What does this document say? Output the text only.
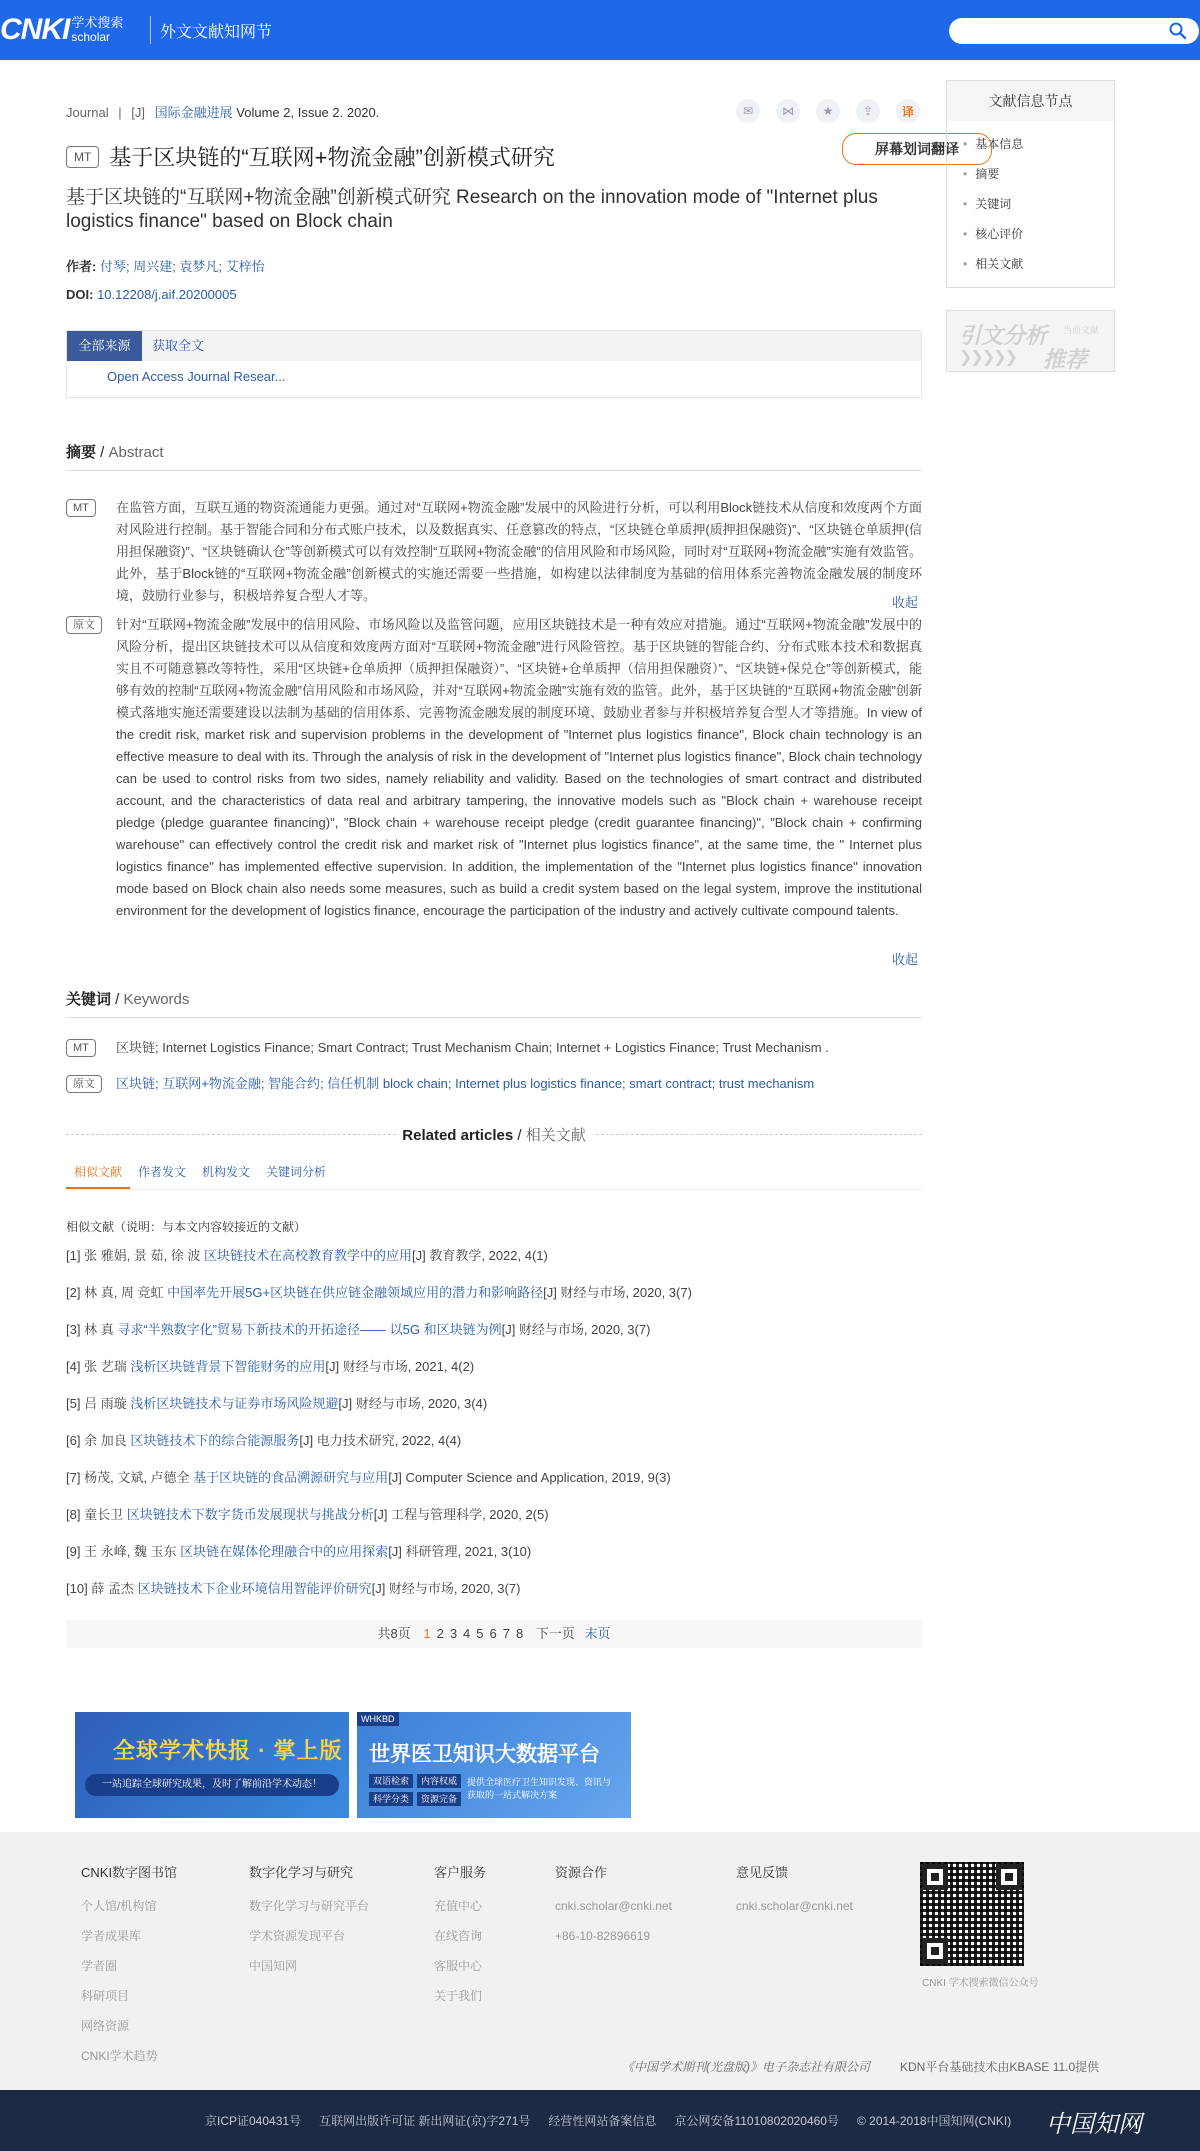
CNKI 学术搜索
scholar	外文文献知网节
Journal | [J] 国际金融进展 Volume 2, Issue 2. 2020.	✉	⋈	★	⇪	译
屏幕划词翻译
MT 基于区块链的“互联网+物流金融”创新模式研究
基于区块链的“互联网+物流金融”创新模式研究 Research on the innovation mode of "Internet plus logistics finance" based on Block chain
作者: 付琴; 周兴建; 袁梦凡; 艾梓怡
DOI: 10.12208/j.aif.20200005
全部来源	获取全文
Open Access Journal Resear...
摘要 / Abstract
MT	在监管方面，互联互通的物资流通能力更强。通过对“互联网+物流金融”发展中的风险进行分析，可以利用Block链技术从信度和效度两个方面对风险进行控制。基于智能合同和分布式账户技术，以及数据真实、任意篡改的特点，“区块链仓单质押(质押担保融资)”、“区块链仓单质押(信用担保融资)”、“区块链确认仓”等创新模式可以有效控制“互联网+物流金融”的信用风险和市场风险，同时对“互联网+物流金融”实施有效监管。此外，基于Block链的“互联网+物流金融”创新模式的实施还需要一些措施，如构建以法律制度为基础的信用体系完善物流金融发展的制度环境，鼓励行业参与，积极培养复合型人才等。	收起
原文	针对“互联网+物流金融”发展中的信用风险、市场风险以及监管问题，应用区块链技术是一种有效应对措施。通过“互联网+物流金融”发展中的风险分析，提出区块链技术可以从信度和效度两方面对“互联网+物流金融”进行风险管控。基于区块链的智能合约、分布式账本技术和数据真实且不可随意篡改等特性，采用“区块链+仓单质押（质押担保融资）”、“区块链+仓单质押（信用担保融资）”、“区块链+保兑仓”等创新模式，能够有效的控制“互联网+物流金融”信用风险和市场风险，并对“互联网+物流金融”实施有效的监管。此外，基于区块链的“互联网+物流金融”创新模式落地实施还需要建设以法制为基础的信用体系、完善物流金融发展的制度环境、鼓励业者参与并积极培养复合型人才等措施。In view of the credit risk, market risk and supervision problems in the development of "Internet plus logistics finance", Block chain technology is an effective measure to deal with its. Through the analysis of risk in the development of "Internet plus logistics finance", Block chain technology can be used to control risks from two sides, namely reliability and validity. Based on the technologies of smart contract and distributed account, and the characteristics of data real and arbitrary tampering, the innovative models such as "Block chain + warehouse receipt pledge (pledge guarantee financing)", "Block chain + warehouse receipt pledge (credit guarantee financing)", "Block chain + confirming warehouse" can effectively control the credit risk and market risk of "Internet plus logistics finance", at the same time, the " Internet plus logistics finance" has implemented effective supervision. In addition, the implementation of the "Internet plus logistics finance" innovation mode based on Block chain also needs some measures, such as build a credit system based on the legal system, improve the institutional environment for the development of logistics finance, encourage the participation of the industry and actively cultivate compound talents.
收起
关键词 / Keywords
MT	区块链; Internet Logistics Finance; Smart Contract; Trust Mechanism Chain; Internet + Logistics Finance; Trust Mechanism .
原文	区块链; 互联网+物流金融; 智能合约; 信任机制 block chain; Internet plus logistics finance; smart contract; trust mechanism
Related articles / 相关文献
相似文献	作者发文	机构发文	关键词分析
相似文献（说明：与本文内容较接近的文献）
[1] 张 雅娟, 景 茹, 徐 波 区块链技术在高校教育教学中的应用[J] 教育教学, 2022, 4(1)
[2] 林 真, 周 竞虹 中国率先开展5G+区块链在供应链金融领域应用的潜力和影响路径[J] 财经与市场, 2020, 3(7)
[3] 林 真 寻求“半熟数字化”贸易下新技术的开拓途径—— 以5G 和区块链为例[J] 财经与市场, 2020, 3(7)
[4] 张 艺瑞 浅析区块链背景下智能财务的应用[J] 财经与市场, 2021, 4(2)
[5] 吕 雨璇 浅析区块链技术与证券市场风险规避[J] 财经与市场, 2020, 3(4)
[6] 余 加良 区块链技术下的综合能源服务[J] 电力技术研究, 2022, 4(4)
[7] 杨茂, 文斌, 卢德全 基于区块链的食品溯源研究与应用[J] Computer Science and Application, 2019, 9(3)
[8] 童长卫 区块链技术下数字货币发展现状与挑战分析[J] 工程与管理科学, 2020, 2(5)
[9] 王 永峰, 魏 玉东 区块链在媒体伦理融合中的应用探索[J] 科研管理, 2021, 3(10)
[10] 薛 孟杰 区块链技术下企业环境信用智能评价研究[J] 财经与市场, 2020, 3(7)
共8页 1 2 3 4 5 6 7 8 下一页 末页
全球学术快报 · 掌上版
一站追踪全球研究成果，及时了解前沿学术动态！
WHKBD
世界医卫知识大数据平台
双语检索	内容权威
科学分类	资源完备
提供全球医疗卫生知识发现、资讯与获取的一站式解决方案
文献信息节点
• 基本信息
• 摘要
• 关键词
• 核心评价
• 相关文献
引文分析
❯❯❯❯❯ 推荐
当前文献
CNKI数字图书馆
个人馆/机构馆
学者成果库
学者圈
科研项目
网络资源
CNKI学术趋势
数字化学习与研究
数字化学习与研究平台
学术资源发现平台
中国知网
客户服务
充值中心
在线咨询
客服中心
关于我们
资源合作
cnki.scholar@cnki.net
+86-10-82896619
意见反馈
cnki.scholar@cnki.net
CNKI 学术搜索微信公众号
《中国学术期刊(光盘版)》电子杂志社有限公司	KDN平台基础技术由KBASE 11.0提供
京ICP证040431号 互联网出版许可证 新出网证(京)字271号 经营性网站备案信息 京公网安备11010802020460号 © 2014-2018中国知网(CNKI)	中国知网
